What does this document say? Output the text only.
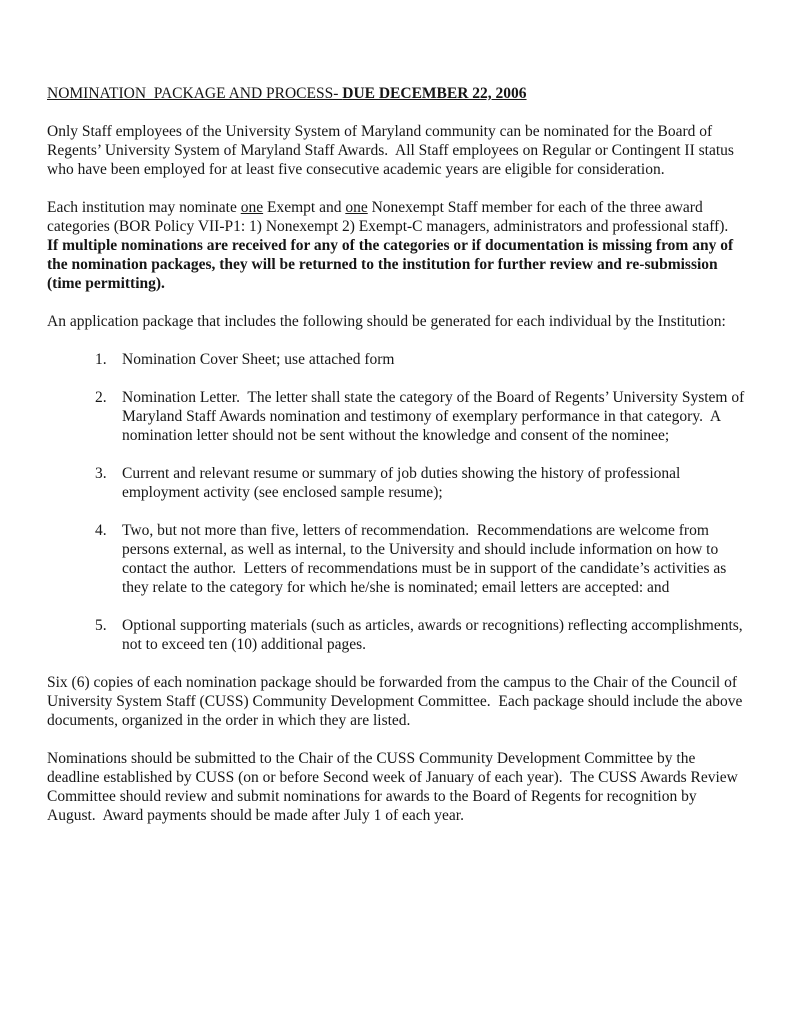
NOMINATION  PACKAGE AND PROCESS- DUE DECEMBER 22, 2006

Only Staff employees of the University System of Maryland community can be nominated for the Board of Regents’ University System of Maryland Staff Awards.  All Staff employees on Regular or Contingent II status who have been employed for at least five consecutive academic years are eligible for consideration.

Each institution may nominate one Exempt and one Nonexempt Staff member for each of the three award categories (BOR Policy VII-P1: 1) Nonexempt 2) Exempt-C managers, administrators and professional staff).  If multiple nominations are received for any of the categories or if documentation is missing from any of the nomination packages, they will be returned to the institution for further review and re-submission (time permitting).

An application package that includes the following should be generated for each individual by the Institution:

1. Nomination Cover Sheet; use attached form
2. Nomination Letter.  The letter shall state the category of the Board of Regents’ University System of Maryland Staff Awards nomination and testimony of exemplary performance in that category.  A nomination letter should not be sent without the knowledge and consent of the nominee;
3. Current and relevant resume or summary of job duties showing the history of professional employment activity (see enclosed sample resume);
4. Two, but not more than five, letters of recommendation.  Recommendations are welcome from persons external, as well as internal, to the University and should include information on how to contact the author.  Letters of recommendations must be in support of the candidate’s activities as they relate to the category for which he/she is nominated; email letters are accepted: and
5. Optional supporting materials (such as articles, awards or recognitions) reflecting accomplishments, not to exceed ten (10) additional pages.

Six (6) copies of each nomination package should be forwarded from the campus to the Chair of the Council of University System Staff (CUSS) Community Development Committee.  Each package should include the above documents, organized in the order in which they are listed.

Nominations should be submitted to the Chair of the CUSS Community Development Committee by the deadline established by CUSS (on or before Second week of January of each year).  The CUSS Awards Review Committee should review and submit nominations for awards to the Board of Regents for recognition by August.  Award payments should be made after July 1 of each year.
